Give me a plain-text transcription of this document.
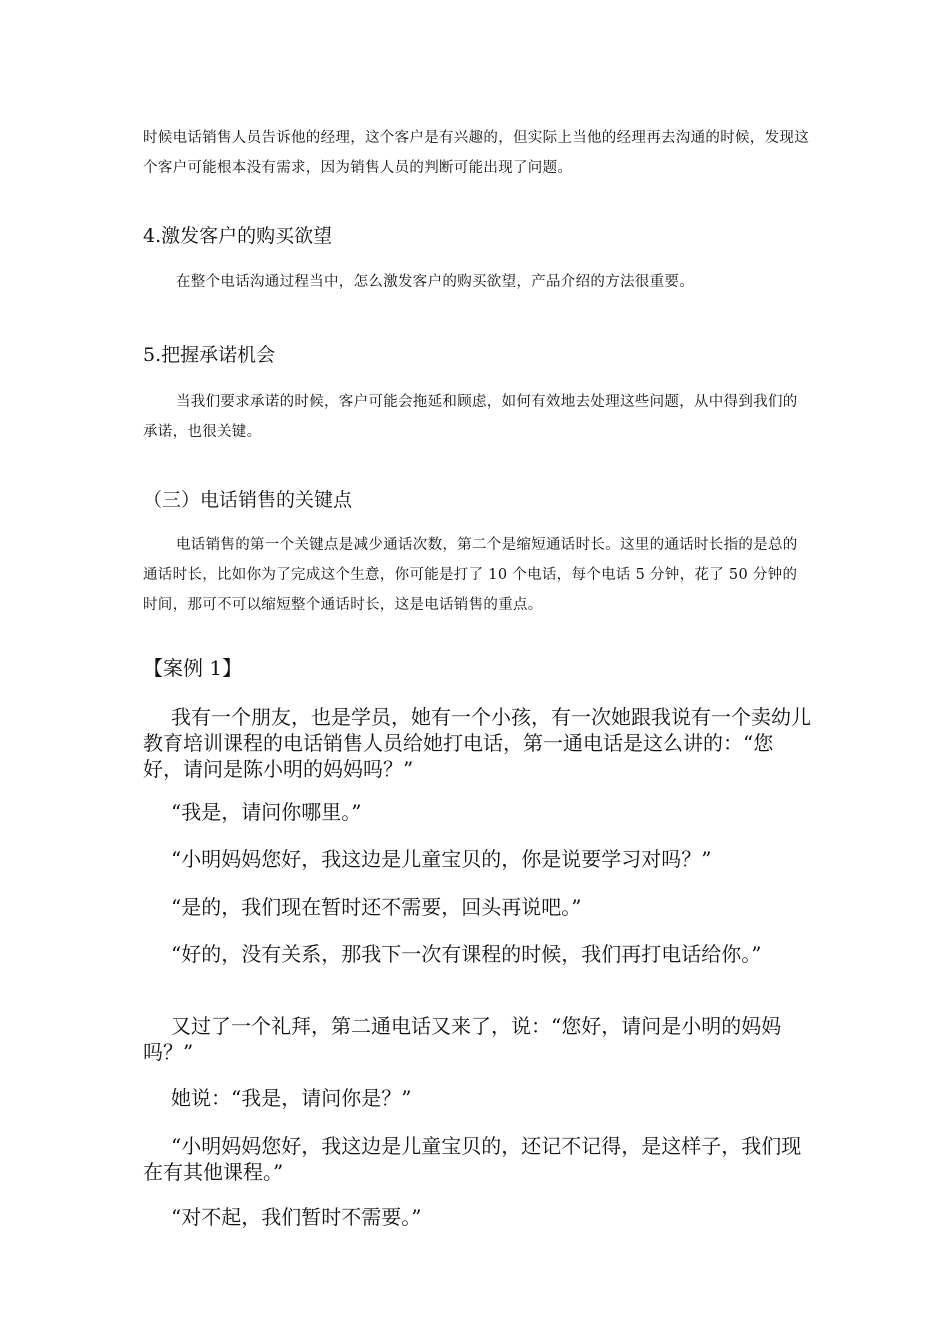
时候电话销售人员告诉他的经理，这个客户是有兴趣的，但实际上当他的经理再去沟通的时候，发现这个客户可能根本没有需求，因为销售人员的判断可能出现了问题。

4.激发客户的购买欲望

在整个电话沟通过程当中，怎么激发客户的购买欲望，产品介绍的方法很重要。

5.把握承诺机会

当我们要求承诺的时候，客户可能会拖延和顾虑，如何有效地去处理这些问题，从中得到我们的承诺，也很关键。

（三）电话销售的关键点

电话销售的第一个关键点是减少通话次数，第二个是缩短通话时长。这里的通话时长指的是总的通话时长，比如你为了完成这个生意，你可能是打了 10 个电话，每个电话 5 分钟，花了 50 分钟的时间，那可不可以缩短整个通话时长，这是电话销售的重点。

【案例 1】

我有一个朋友，也是学员，她有一个小孩，有一次她跟我说有一个卖幼儿教育培训课程的电话销售人员给她打电话，第一通电话是这么讲的：“您好，请问是陈小明的妈妈吗？”

“我是，请问你哪里。”

“小明妈妈您好，我这边是儿童宝贝的，你是说要学习对吗？”

“是的，我们现在暂时还不需要，回头再说吧。”

“好的，没有关系，那我下一次有课程的时候，我们再打电话给你。”

又过了一个礼拜，第二通电话又来了，说：“您好，请问是小明的妈妈吗？”

她说：“我是，请问你是？”

“小明妈妈您好，我这边是儿童宝贝的，还记不记得，是这样子，我们现在有其他课程。”

“对不起，我们暂时不需要。”
